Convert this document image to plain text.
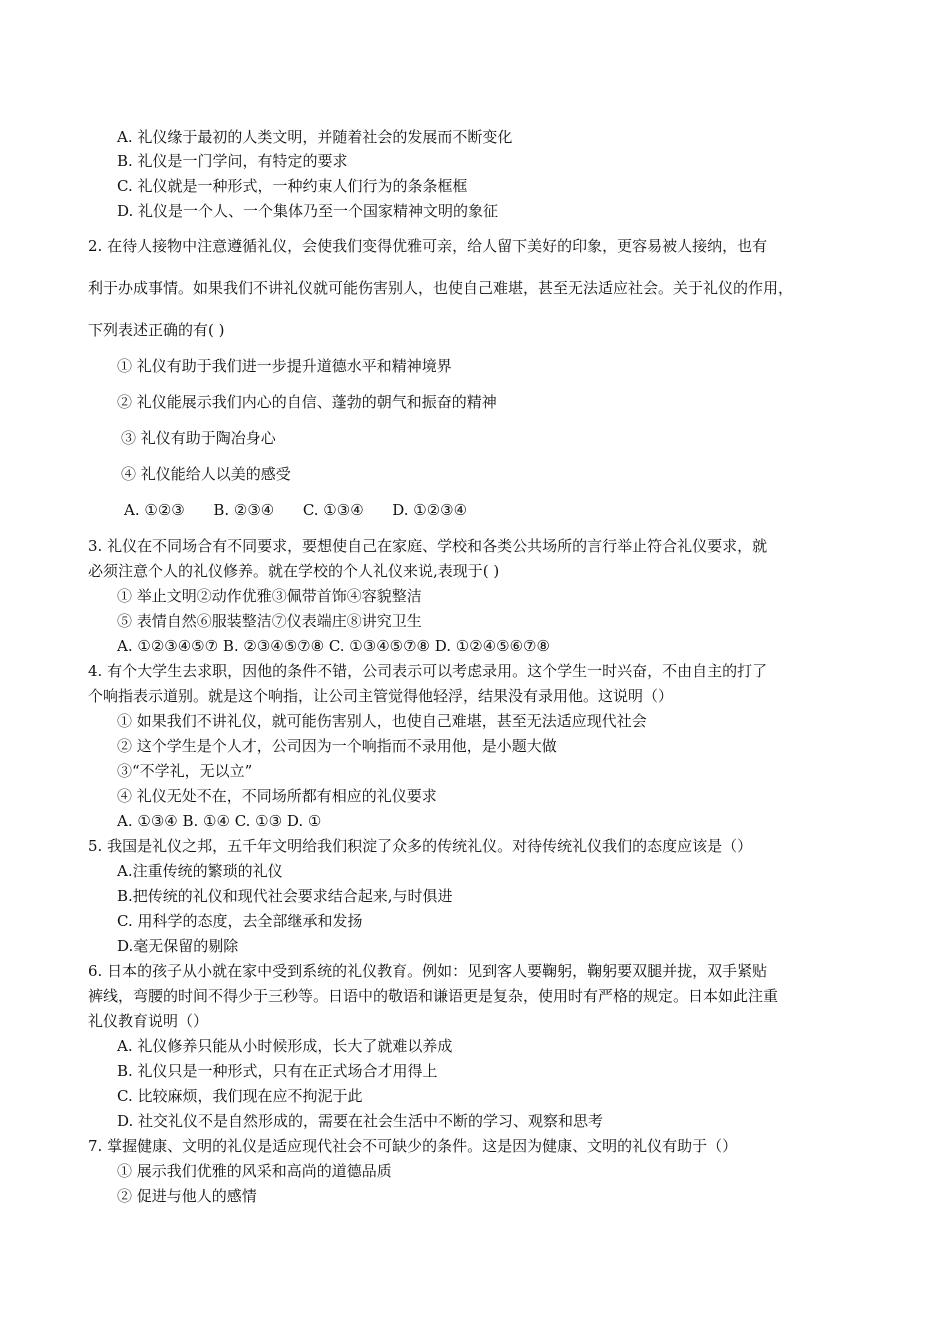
A. 礼仪缘于最初的人类文明，并随着社会的发展而不断变化
B. 礼仪是一门学问，有特定的要求
C. 礼仪就是一种形式，一种约束人们行为的条条框框
D. 礼仪是一个人、一个集体乃至一个国家精神文明的象征
2. 在待人接物中注意遵循礼仪，会使我们变得优雅可亲，给人留下美好的印象，更容易被人接纳，也有
利于办成事情。如果我们不讲礼仪就可能伤害别人，也使自己难堪，甚至无法适应社会。关于礼仪的作用，
下列表述正确的有( )
① 礼仪有助于我们进一步提升道德水平和精神境界
② 礼仪能展示我们内心的自信、蓬勃的朝气和振奋的精神
③ 礼仪有助于陶冶身心
④ 礼仪能给人以美的感受
A. ①②③      B. ②③④      C. ①③④      D. ①②③④
3. 礼仪在不同场合有不同要求，要想使自己在家庭、学校和各类公共场所的言行举止符合礼仪要求，就
必须注意个人的礼仪修养。就在学校的个人礼仪来说,表现于( )
① 举止文明②动作优雅③佩带首饰④容貌整洁
⑤ 表情自然⑥服装整洁⑦仪表端庄⑧讲究卫生
A. ①②③④⑤⑦ B. ②③④⑤⑦⑧ C. ①③④⑤⑦⑧ D. ①②④⑤⑥⑦⑧
4. 有个大学生去求职，因他的条件不错，公司表示可以考虑录用。这个学生一时兴奋，不由自主的打了
个响指表示道别。就是这个响指，让公司主管觉得他轻浮，结果没有录用他。这说明（）
① 如果我们不讲礼仪，就可能伤害别人，也使自己难堪，甚至无法适应现代社会
② 这个学生是个人才，公司因为一个响指而不录用他，是小题大做
③“不学礼，无以立”
④ 礼仪无处不在，不同场所都有相应的礼仪要求
A. ①③④ B. ①④ C. ①③ D. ①
5. 我国是礼仪之邦，五千年文明给我们积淀了众多的传统礼仪。对待传统礼仪我们的态度应该是（）
A.注重传统的繁琐的礼仪
B.把传统的礼仪和现代社会要求结合起来,与时俱进
C. 用科学的态度，去全部继承和发扬
D.毫无保留的剔除
6. 日本的孩子从小就在家中受到系统的礼仪教育。例如：见到客人要鞠躬，鞠躬要双腿并拢，双手紧贴
裤线，弯腰的时间不得少于三秒等。日语中的敬语和谦语更是复杂，使用时有严格的规定。日本如此注重
礼仪教育说明（）
A. 礼仪修养只能从小时候形成，长大了就难以养成
B. 礼仪只是一种形式，只有在正式场合才用得上
C. 比较麻烦，我们现在应不拘泥于此
D. 社交礼仪不是自然形成的，需要在社会生活中不断的学习、观察和思考
7. 掌握健康、文明的礼仪是适应现代社会不可缺少的条件。这是因为健康、文明的礼仪有助于（）
① 展示我们优雅的风采和高尚的道德品质
② 促进与他人的感情
